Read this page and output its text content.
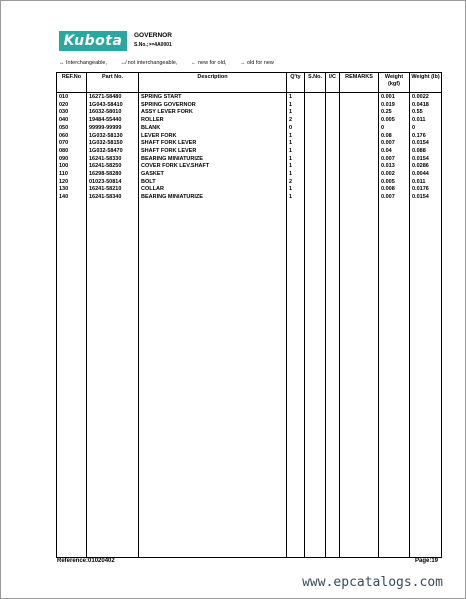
Kubota	GOVERNOR
S.No.;>=4A0001
↔ Interchangeable, ↮ not interchangeable, ← new for old, → old for new
REF.No	Part No.	Description	Q'ty	S.No.	I/C	REMARKS	Weight (kgf)	Weight (lb)

010	16271-58480	SPRING START	1				0.001	0.0022
020	1G043-58410	SPRING GOVERNOR	1				0.019	0.0418
030	16032-58010	ASSY LEVER FORK	1				0.25	0.55
040	19484-55440	ROLLER	2				0.005	0.011
050	99999-99999	BLANK	0				0	0
060	1G032-58130	LEVER FORK	1				0.08	0.176
070	1G032-58150	SHAFT FORK LEVER	1				0.007	0.0154
080	1G032-58470	SHAFT FORK LEVER	1				0.04	0.088
090	16241-58330	BEARING MINIATURIZE	1				0.007	0.0154
100	16241-58250	COVER FORK LEV.SHAFT	1				0.013	0.0286
110	16298-58280	GASKET	1				0.002	0.0044
120	01023-50814	BOLT	2				0.005	0.011
130	16241-58210	COLLAR	1				0.008	0.0176
140	16241-58340	BEARING MINIATURIZE	1				0.007	0.0154

Reference:01020402	Page:19
www.epcatalogs.com
